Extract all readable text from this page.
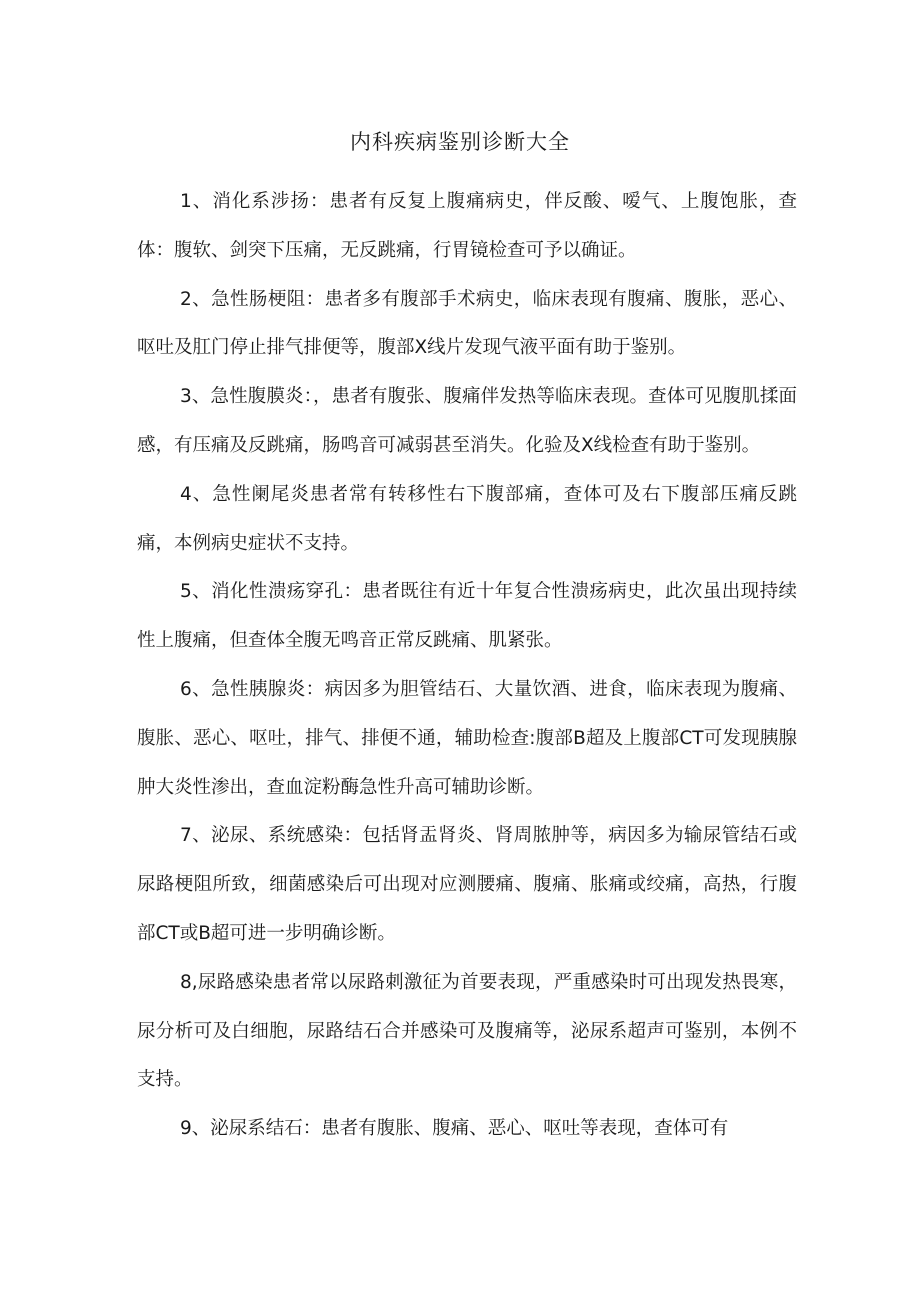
内科疾病鉴别诊断大全

1、消化系涉扬：患者有反复上腹痛病史，伴反酸、嗳气、上腹饱胀，查体：腹软、剑突下压痛，无反跳痛，行胃镜检查可予以确证。

2、急性肠梗阻：患者多有腹部手术病史，临床表现有腹痛、腹胀，恶心、呕吐及肛门停止排气排便等，腹部X线片发现气液平面有助于鉴别。

3、急性腹膜炎：，患者有腹张、腹痛伴发热等临床表现。查体可见腹肌揉面感，有压痛及反跳痛，肠鸣音可减弱甚至消失。化验及X线检查有助于鉴别。

4、急性阑尾炎患者常有转移性右下腹部痛，查体可及右下腹部压痛反跳痛，本例病史症状不支持。

5、消化性溃疡穿孔：患者既往有近十年复合性溃疡病史，此次虽出现持续性上腹痛，但查体全腹无鸣音正常反跳痛、肌紧张。

6、急性胰腺炎：病因多为胆管结石、大量饮酒、进食，临床表现为腹痛、腹胀、恶心、呕吐，排气、排便不通，辅助检查:腹部B超及上腹部CT可发现胰腺肿大炎性渗出，查血淀粉酶急性升高可辅助诊断。

7、泌尿、系统感染：包括肾盂肾炎、肾周脓肿等，病因多为输尿管结石或尿路梗阻所致，细菌感染后可出现对应测腰痛、腹痛、胀痛或绞痛，高热，行腹部CT或B超可进一步明确诊断。

8,尿路感染患者常以尿路刺激征为首要表现，严重感染时可出现发热畏寒，尿分析可及白细胞，尿路结石合并感染可及腹痛等，泌尿系超声可鉴别，本例不支持。

9、泌尿系结石：患者有腹胀、腹痛、恶心、呕吐等表现，查体可有
